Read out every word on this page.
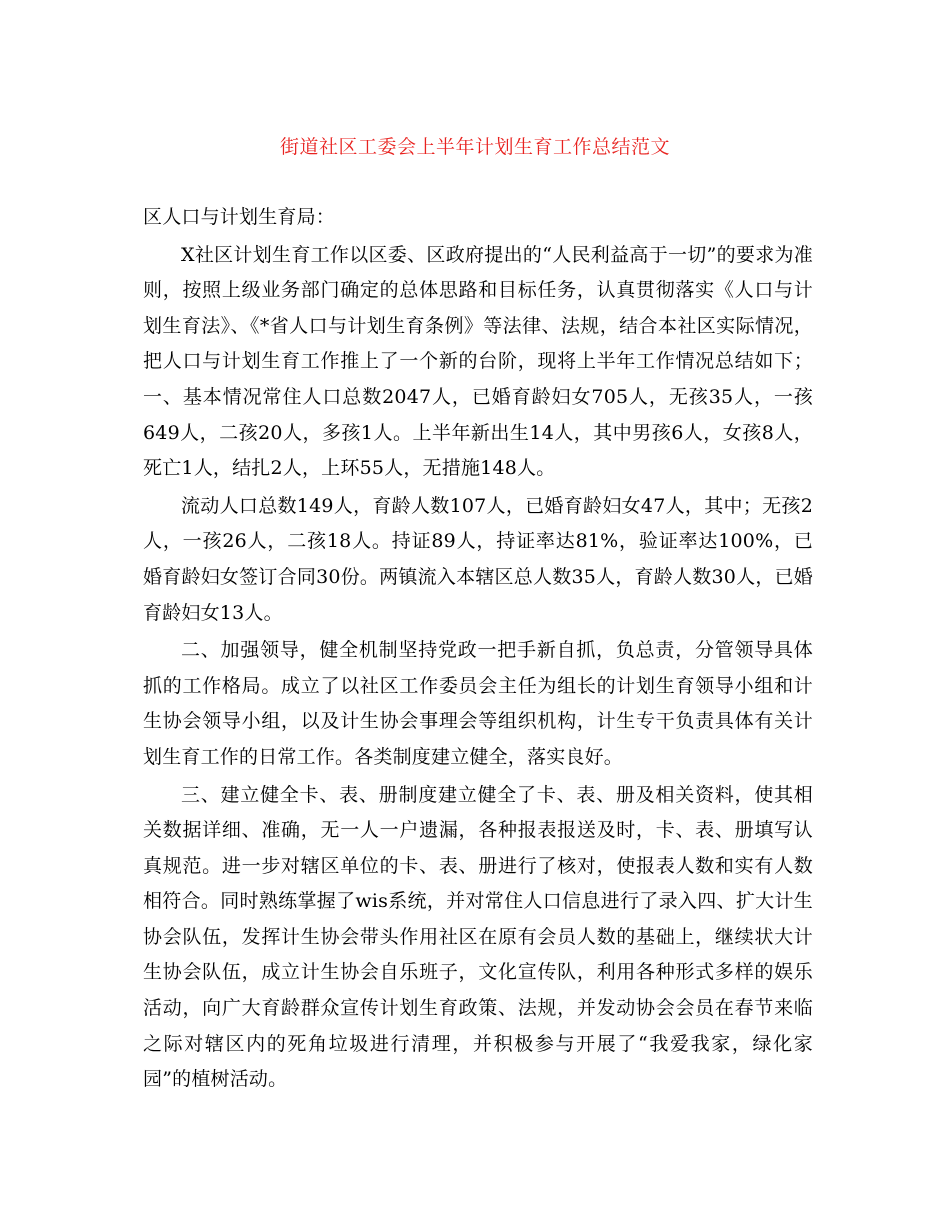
街道社区工委会上半年计划生育工作总结范文

区人口与计划生育局：

X社区计划生育工作以区委、区政府提出的“人民利益高于一切”的要求为准则，按照上级业务部门确定的总体思路和目标任务，认真贯彻落实《人口与计划生育法》、《*省人口与计划生育条例》等法律、法规，结合本社区实际情况，把人口与计划生育工作推上了一个新的台阶，现将上半年工作情况总结如下；一、基本情况常住人口总数2047人，已婚育龄妇女705人，无孩35人，一孩649人，二孩20人，多孩1人。上半年新出生14人，其中男孩6人，女孩8人，死亡1人，结扎2人，上环55人，无措施148人。

流动人口总数149人，育龄人数107人，已婚育龄妇女47人，其中；无孩2人，一孩26人，二孩18人。持证89人，持证率达81%，验证率达100%，已婚育龄妇女签订合同30份。两镇流入本辖区总人数35人，育龄人数30人，已婚育龄妇女13人。

二、加强领导，健全机制坚持党政一把手新自抓，负总责，分管领导具体抓的工作格局。成立了以社区工作委员会主任为组长的计划生育领导小组和计生协会领导小组，以及计生协会事理会等组织机构，计生专干负责具体有关计划生育工作的日常工作。各类制度建立健全，落实良好。

三、建立健全卡、表、册制度建立健全了卡、表、册及相关资料，使其相关数据详细、准确，无一人一户遗漏，各种报表报送及时，卡、表、册填写认真规范。进一步对辖区单位的卡、表、册进行了核对，使报表人数和实有人数相符合。同时熟练掌握了wis系统，并对常住人口信息进行了录入四、扩大计生协会队伍，发挥计生协会带头作用社区在原有会员人数的基础上，继续状大计生协会队伍，成立计生协会自乐班子，文化宣传队，利用各种形式多样的娱乐活动，向广大育龄群众宣传计划生育政策、法规，并发动协会会员在春节来临之际对辖区内的死角垃圾进行清理，并积极参与开展了“我爱我家，绿化家园”的植树活动。
